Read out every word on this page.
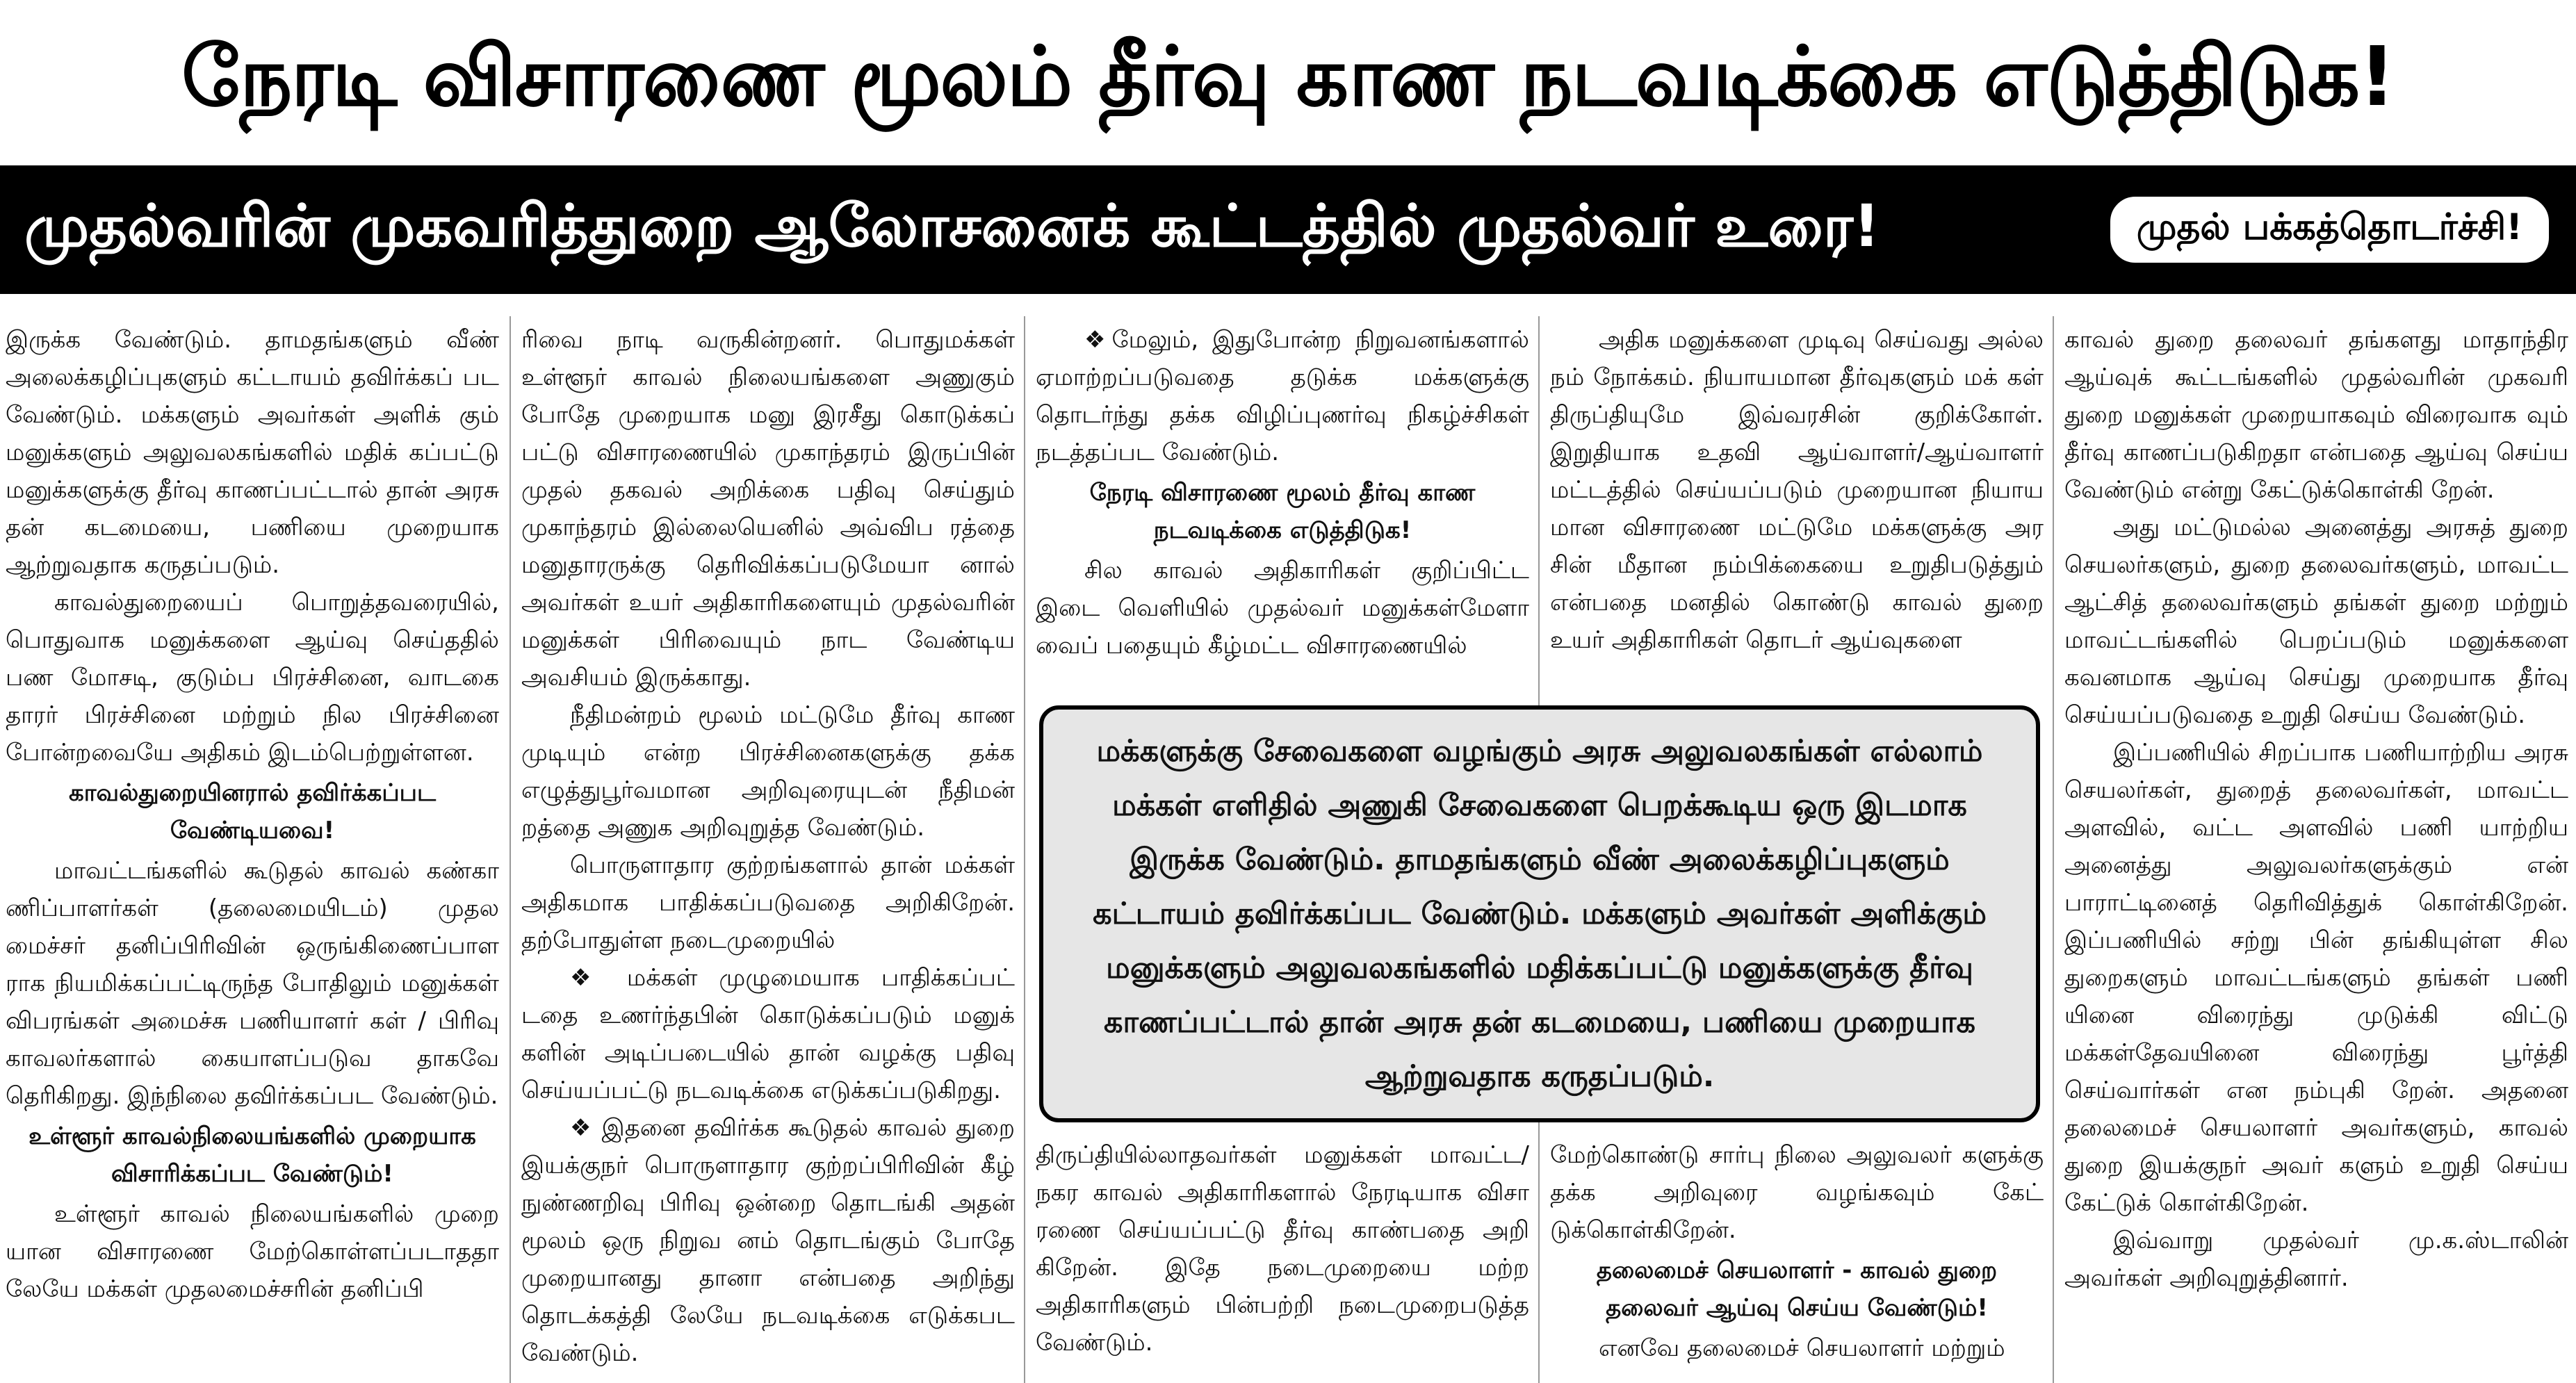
நேரடி விசாரணை மூலம் தீர்வு காண நடவடிக்கை எடுத்திடுக!
முதல்வரின் முகவரித்துறை ஆலோசனைக் கூட்டத்தில் முதல்வர் உரை!	முதல் பக்கத்தொடர்ச்சி!

இருக்க வேண்டும். தாமதங்களும் வீண் அலைக்கழிப்புகளும் கட்டாயம் தவிர்க்கப் பட வேண்டும். மக்களும் அவர்கள் அளிக் கும் மனுக்களும் அலுவலகங்களில் மதிக் கப்பட்டு மனுக்களுக்கு தீர்வு காணப்பட்டால் தான் அரசு தன் கடமையை, பணியை முறையாக ஆற்றுவதாக கருதப்படும்.

காவல்துறையைப் பொறுத்தவரையில், பொதுவாக மனுக்களை ஆய்வு செய்ததில் பண மோசடி, குடும்ப பிரச்சினை, வாடகை தாரர் பிரச்சினை மற்றும் நில பிரச்சினை போன்றவையே அதிகம் இடம்பெற்றுள்ளன.

காவல்துறையினரால் தவிர்க்கப்பட வேண்டியவை!

மாவட்டங்களில் கூடுதல் காவல் கண்கா ணிப்பாளர்கள் (தலைமையிடம்) முதல மைச்சர் தனிப்பிரிவின் ஒருங்கிணைப்பாள ராக நியமிக்கப்பட்டிருந்த போதிலும் மனுக்கள் விபரங்கள் அமைச்சு பணியாளர் கள் / பிரிவு காவலர்களால் கையாளப்படுவ தாகவே தெரிகிறது. இந்நிலை தவிர்க்கப்பட வேண்டும்.

உள்ளூர் காவல்நிலையங்களில் முறையாக விசாரிக்கப்பட வேண்டும்!

உள்ளூர் காவல் நிலையங்களில் முறை யான விசாரணை மேற்கொள்ளப்படாததா லேயே மக்கள் முதலமைச்சரின் தனிப்பி

ரிவை நாடி வருகின்றனர். பொதுமக்கள் உள்ளூர் காவல் நிலையங்களை அணுகும் போதே முறையாக மனு இரசீது கொடுக்கப் பட்டு விசாரணையில் முகாந்தரம் இருப்பின் முதல் தகவல் அறிக்கை பதிவு செய்தும் முகாந்தரம் இல்லையெனில் அவ்விப ரத்தை மனுதாரருக்கு தெரிவிக்கப்படுமேயா னால் அவர்கள் உயர் அதிகாரிகளையும் முதல்வரின் மனுக்கள் பிரிவையும் நாட வேண்டிய அவசியம் இருக்காது.

நீதிமன்றம் மூலம் மட்டுமே தீர்வு காண முடியும் என்ற பிரச்சினைகளுக்கு தக்க எழுத்துபூர்வமான அறிவுரையுடன் நீதிமன் றத்தை அணுக அறிவுறுத்த வேண்டும்.

பொருளாதார குற்றங்களால் தான் மக்கள் அதிகமாக பாதிக்கப்படுவதை அறிகிறேன். தற்போதுள்ள நடைமுறையில்

❖ மக்கள் முழுமையாக பாதிக்கப்பட் டதை உணர்ந்தபின் கொடுக்கப்படும் மனுக் களின் அடிப்படையில் தான் வழக்கு பதிவு செய்யப்பட்டு நடவடிக்கை எடுக்கப்படுகிறது.

❖ இதனை தவிர்க்க கூடுதல் காவல் துறை இயக்குநர் பொருளாதார குற்றப்பிரிவின் கீழ் நுண்ணறிவு பிரிவு ஒன்றை தொடங்கி அதன் மூலம் ஒரு நிறுவ னம் தொடங்கும் போதே முறையானது தானா என்பதை அறிந்து தொடக்கத்தி லேயே நடவடிக்கை எடுக்கபட வேண்டும்.

❖மேலும், இதுபோன்ற நிறுவனங்களால் ஏமாற்றப்படுவதை தடுக்க மக்களுக்கு தொடர்ந்து தக்க விழிப்புணர்வு நிகழ்ச்சிகள் நடத்தப்பட வேண்டும்.

நேரடி விசாரணை மூலம் தீர்வு காண நடவடிக்கை எடுத்திடுக!

சில காவல் அதிகாரிகள் குறிப்பிட்ட இடை வெளியில் முதல்வர் மனுக்கள்மேளா வைப் பதையும் கீழ்மட்ட விசாரணையில்

அதிக மனுக்களை முடிவு செய்வது அல்ல நம் நோக்கம். நியாயமான தீர்வுகளும் மக் கள் திருப்தியுமே இவ்வரசின் குறிக்கோள். இறுதியாக உதவி ஆய்வாளர்/ஆய்வாளர் மட்டத்தில் செய்யப்படும் முறையான நியாய மான விசாரணை மட்டுமே மக்களுக்கு அர சின் மீதான நம்பிக்கையை உறுதிபடுத்தும் என்பதை மனதில் கொண்டு காவல் துறை உயர் அதிகாரிகள் தொடர் ஆய்வுகளை

மக்களுக்கு சேவைகளை வழங்கும் அரசு அலுவலகங்கள் எல்லாம் மக்கள் எளிதில் அணுகி சேவைகளை பெறக்கூடிய ஒரு இடமாக இருக்க வேண்டும். தாமதங்களும் வீண் அலைக்கழிப்புகளும் கட்டாயம் தவிர்க்கப்பட வேண்டும். மக்களும் அவர்கள் அளிக்கும் மனுக்களும் அலுவலகங்களில் மதிக்கப்பட்டு மனுக்களுக்கு தீர்வு காணப்பட்டால் தான் அரசு தன் கடமையை, பணியை முறையாக ஆற்றுவதாக கருதப்படும்.

திருப்தியில்லாதவர்கள் மனுக்கள் மாவட்ட/ நகர காவல் அதிகாரிகளால் நேரடியாக விசா ரணை செய்யப்பட்டு தீர்வு காண்பதை அறி கிறேன். இதே நடைமுறையை மற்ற அதிகாரிகளும் பின்பற்றி நடைமுறைபடுத்த வேண்டும்.

மேற்கொண்டு சார்பு நிலை அலுவலர் களுக்கு தக்க அறிவுரை வழங்கவும் கேட் டுக்கொள்கிறேன்.

தலைமைச் செயலாளர் - காவல் துறை தலைவர் ஆய்வு செய்ய வேண்டும்!

எனவே தலைமைச் செயலாளர் மற்றும்

காவல் துறை தலைவர் தங்களது மாதாந்திர ஆய்வுக் கூட்டங்களில் முதல்வரின் முகவரி துறை மனுக்கள் முறையாகவும் விரைவாக வும் தீர்வு காணப்படுகிறதா என்பதை ஆய்வு செய்ய வேண்டும் என்று கேட்டுக்கொள்கி றேன்.

அது மட்டுமல்ல அனைத்து அரசுத் துறை செயலர்களும், துறை தலைவர்களும், மாவட்ட ஆட்சித் தலைவர்களும் தங்கள் துறை மற்றும் மாவட்டங்களில் பெறப்படும் மனுக்களை கவனமாக ஆய்வு செய்து முறையாக தீர்வு செய்யப்படுவதை உறுதி செய்ய வேண்டும்.

இப்பணியில் சிறப்பாக பணியாற்றிய அரசு செயலர்கள், துறைத் தலைவர்கள், மாவட்ட அளவில், வட்ட அளவில் பணி யாற்றிய அனைத்து அலுவலர்களுக்கும் என் பாராட்டினைத் தெரிவித்துக் கொள்கிறேன். இப்பணியில் சற்று பின் தங்கியுள்ள சில துறைகளும் மாவட்டங்களும் தங்கள் பணி யினை விரைந்து முடுக்கி விட்டு மக்கள்தேவயினை விரைந்து பூர்த்தி செய்வார்கள் என நம்புகி றேன். அதனை தலைமைச் செயலாளர் அவர்களும், காவல் துறை இயக்குநர் அவர் களும் உறுதி செய்ய கேட்டுக் கொள்கிறேன்.

இவ்வாறு முதல்வர் மு.க.ஸ்டாலின் அவர்கள் அறிவுறுத்தினார்.
